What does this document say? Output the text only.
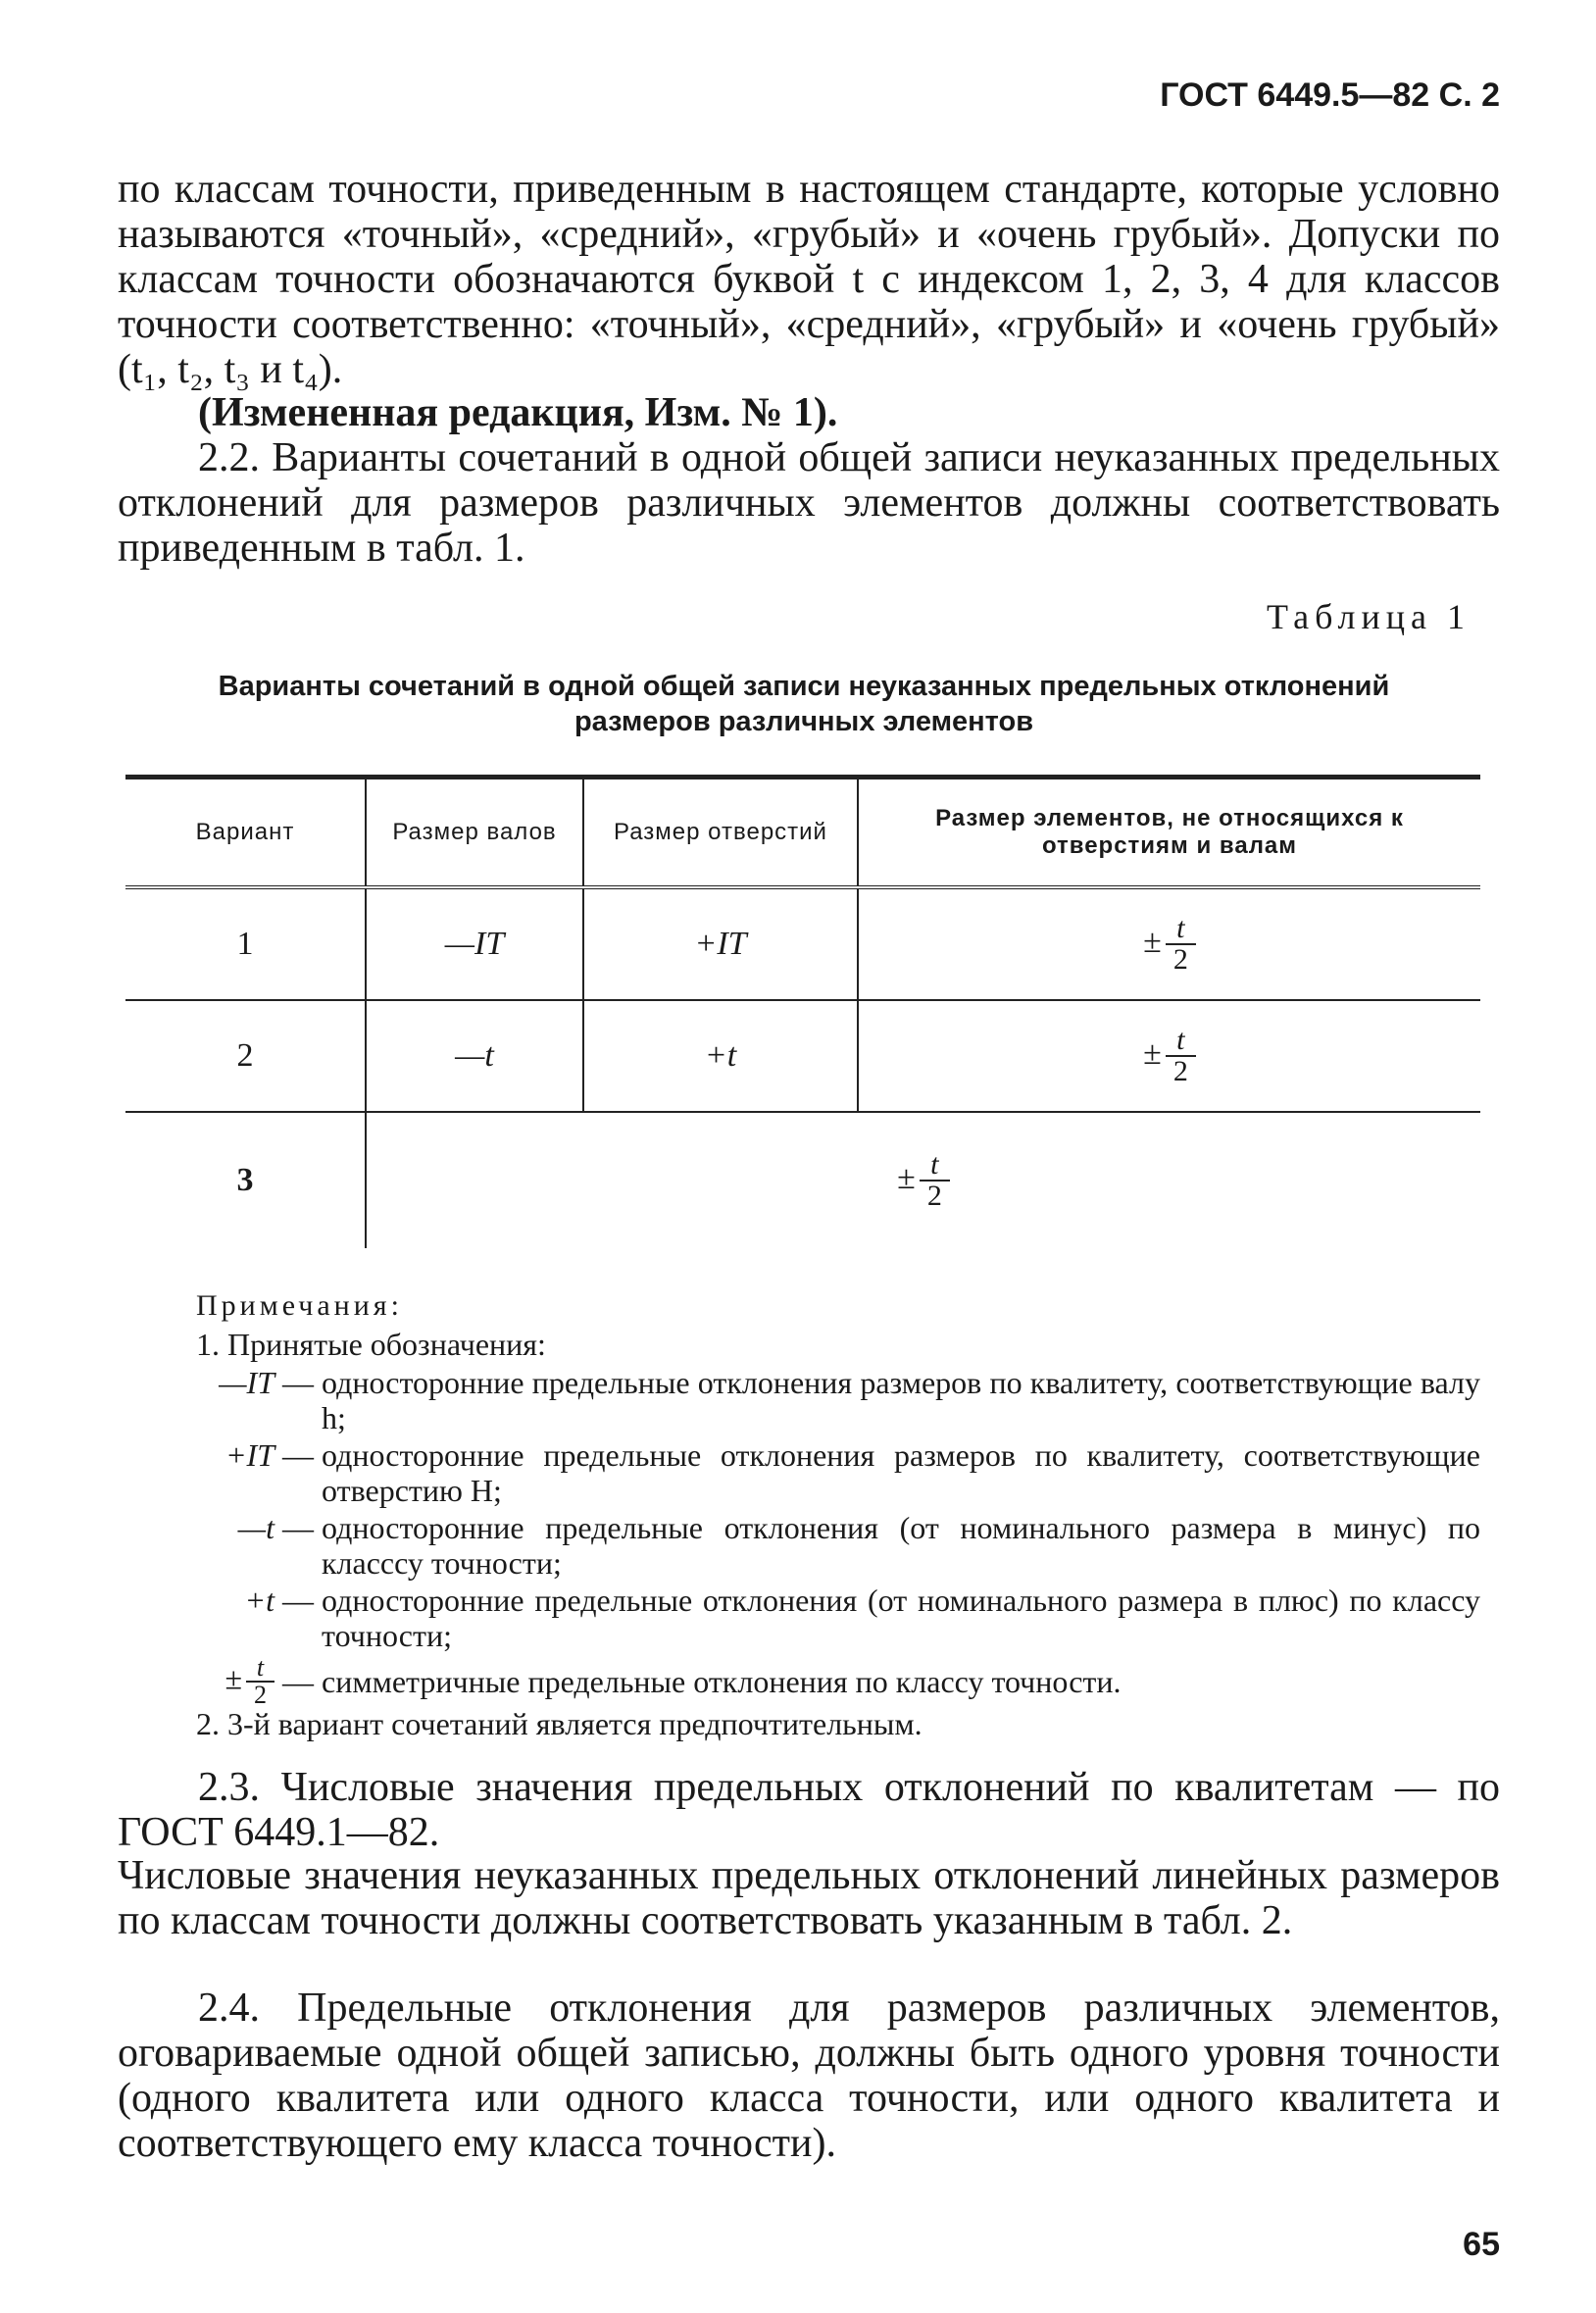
ГОСТ 6449.5—82 С. 2

по классам точности, приведенным в настоящем стандарте, которые условно называются «точный», «средний», «грубый» и «очень грубый». Допуски по классам точности обозначаются буквой t с индексом 1, 2, 3, 4 для классов точности соответственно: «точный», «средний», «грубый» и «очень грубый» (t₁, t₂, t₃ и t₄).

(Измененная редакция, Изм. № 1).

2.2. Варианты сочетаний в одной общей записи неуказанных предельных отклонений для размеров различных элементов должны соответствовать приведенным в табл. 1.

Таблица 1
Варианты сочетаний в одной общей записи неуказанных предельных отклонений размеров различных элементов
Вариант	Размер валов	Размер отверстий	Размер элементов, не относящихся к отверстиям и валам
1	—IT	+IT	± $\frac{t}{2}$

2	—t	+t	± $\frac{t}{2}$

3	± $\frac{t}{2}$
Примечания:
1. Принятые обозначения:
—IT — односторонние предельные отклонения размеров по квалитету, соответствующие валу h;
+IT — односторонние предельные отклонения размеров по квалитету, соответствующие отверстию H;
—t — односторонние предельные отклонения (от номинального размера в минус) по класссу точности;
+t — односторонние предельные отклонения (от номинального размера в плюс) по классу точности;
± $\frac{t}{2}$ — симметричные предельные отклонения по классу точности.
2. 3-й вариант сочетаний является предпочтительным.

2.3. Числовые значения предельных отклонений по квалитетам — по ГОСТ 6449.1—82.

Числовые значения неуказанных предельных отклонений линейных размеров по классам точности должны соответствовать указанным в табл. 2.

2.4. Предельные отклонения для размеров различных элементов, оговариваемые одной общей записью, должны быть одного уровня точности (одного квалитета или одного класса точности, или одного квалитета и соответствующего ему класса точности).

65
